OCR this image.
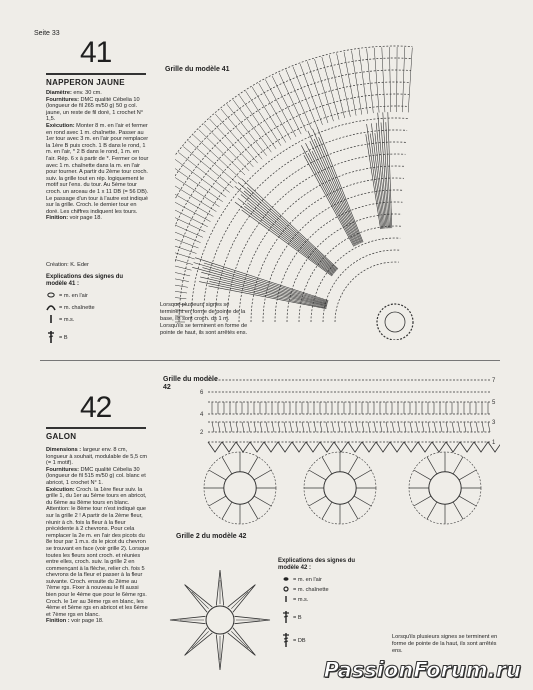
Seite 33
41
NAPPERON JAUNE
Diamètre: env. 30 cm.
Fournitures: DMC qualité Cébelia 10 (longueur de fil 265 m/50 g) 50 g col. jaune, un reste de fil doré, 1 crochet N° 1,5.
Exécution: Monter 8 m. en l'air et fermer en rond avec 1 m. chaînette. Passer au 1er tour avec 3 m. en l'air pour remplacer la 1ère B puis croch. 1 B dans le rond, 1 m. en l'air, * 2 B dans le rond, 1 m. en l'air. Rép. 6 x à partir de *. Fermer ce tour avec 1 m. chaînette dans la m. en l'air pour tourner. A partir du 2ème tour croch. suiv. la grille tout en rép. logiquement le motif sur l'ens. du tour. Au 5ème tour croch. un arceau de 1 x 11 DB (= 56 DB). Le passage d'un tour à l'autre est indiqué sur la grille. Croch. le dernier tour en doré. Les chiffres indiquent les tours.
Finition: voir page 18.
Création: K. Eder
Explications des signes du modèle 41 :
= m. en l'air
= m. chaînette
= m.s.
= B
Grille du modèle 41
Lorsque plusieurs signes se terminent en forme de pointe de la base, ils sont croch. ds 1 m. Lorsqu'ils se terminent en forme de pointe de haut, ils sont arrêtés ens.
42
GALON
Dimensions : largeur env. 8 cm, longueur à souhait, modulable de 5,5 cm (= 1 motif).
Fournitures: DMC qualité Cébelia 30 (longueur de fil 515 m/50 g) col. blanc et abricot, 1 crochet N° 1.
Exécution: Croch. la 1ère fleur suiv. la grille 1, du 1er au 5ème tours en abricot, du 6ème au 8ème tours en blanc. Attention: le 8ème tour n'est indiqué que sur la grille 2 ! A partir de la 2ème fleur, réunir à ch. fois la fleur à la fleur précédente à 2 chevrons. Pour cela remplacer la 2e m. en l'air des picots du 8e tour par 1 m.s. ds le picot du chevron se trouvant en face (voir grille 2). Lorsque toutes les fleurs sont croch. et réunies entre elles, croch. suiv. la grille 2 en commençant à la flèche, relier ch. fois 5 chevrons de la fleur et passer à la fleur suivante. Croch. ensuite du 2ème au 7ème rgs. Fixer à nouveau le fil aussi bien pour le 4ème que pour le 6ème rgs. Croch. le 1er au 3ème rgs en blanc, les 4ème et 5ème rgs en abricot et les 6ème et 7ème rgs en blanc.
Finition : voir page 18.
Grille du modèle 42
7
6
5
4
3
2
1
Grille 2 du modèle 42
Explications des signes du modèle 42 :
= m. en l'air
= m. chaînette
= m.s.
= B
= DB
Lorsqu'ils plusieurs signes se terminent en forme de pointe de la haut, ils sont arrêtés ens.
PassionForum.ru
